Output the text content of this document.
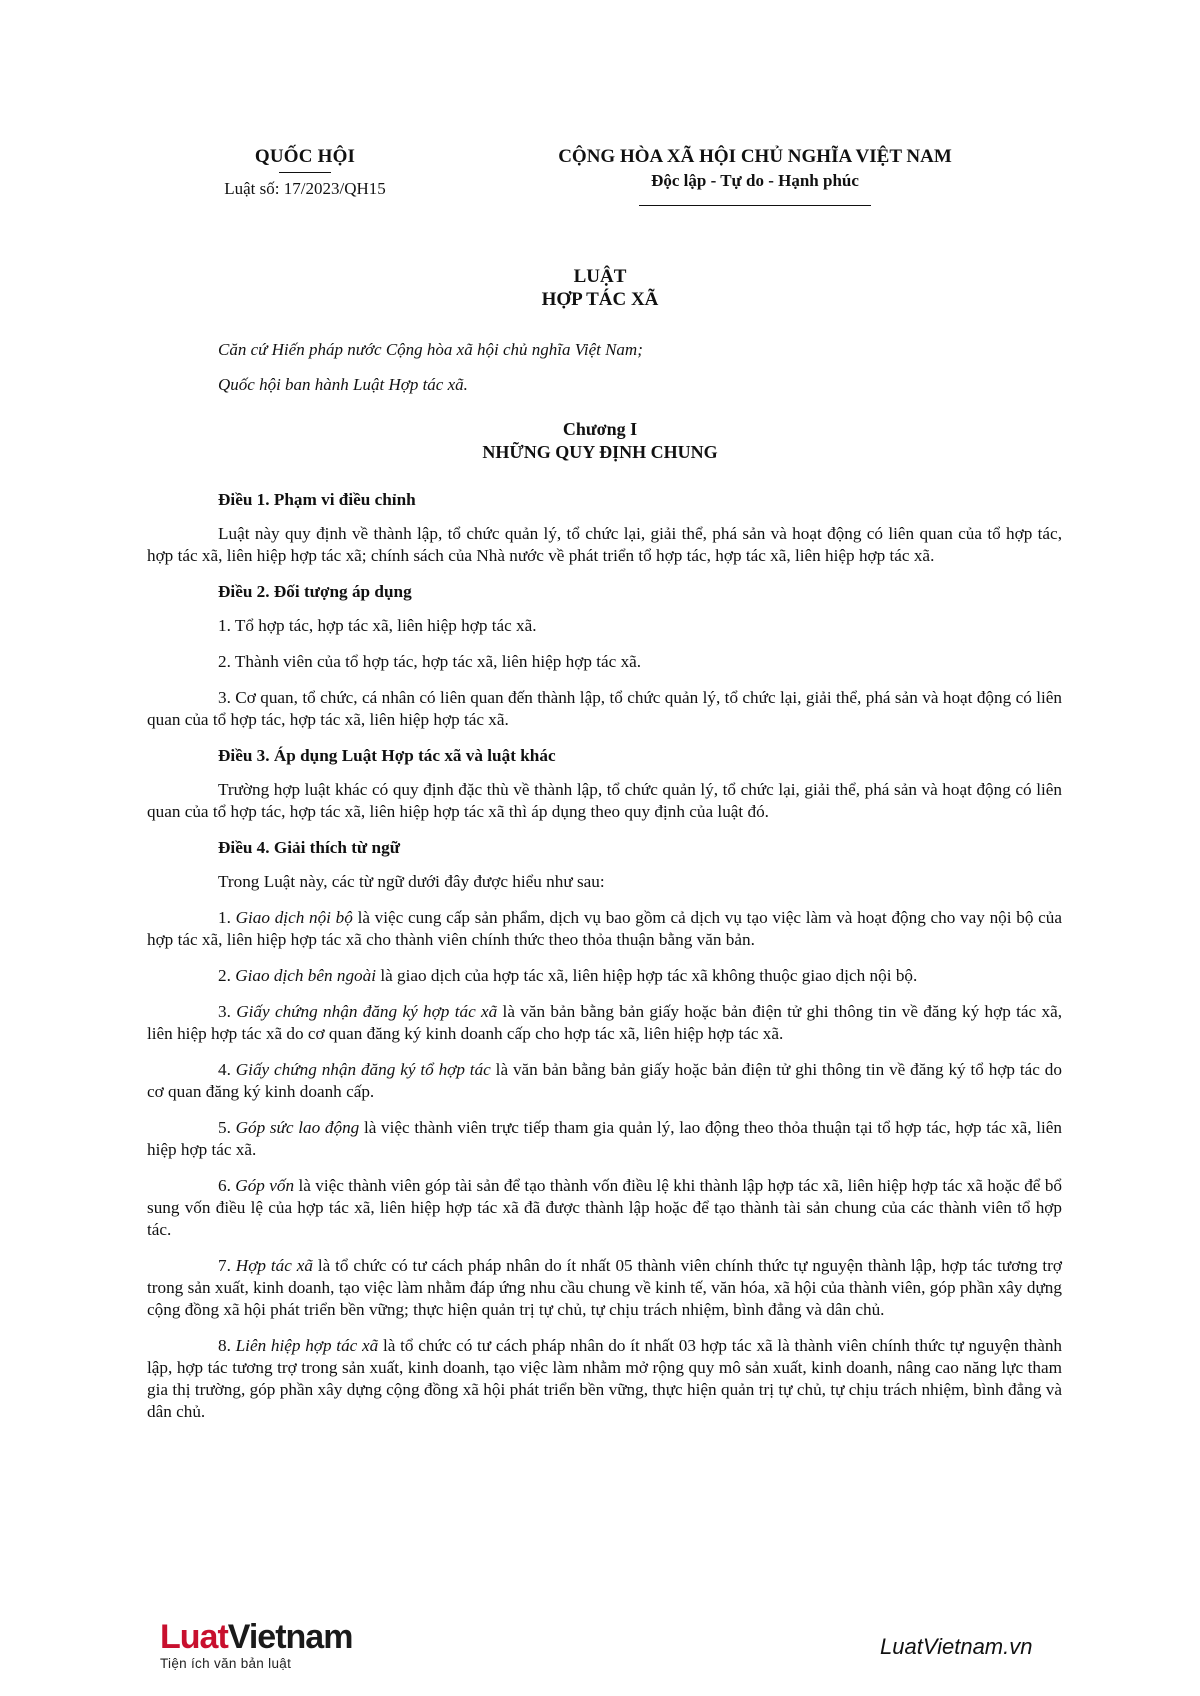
QUỐC HỘI
Luật số: 17/2023/QH15
CỘNG HÒA XÃ HỘI CHỦ NGHĨA VIỆT NAM
Độc lập - Tự do - Hạnh phúc
LUẬT
HỢP TÁC XÃ
Căn cứ Hiến pháp nước Cộng hòa xã hội chủ nghĩa Việt Nam;
Quốc hội ban hành Luật Hợp tác xã.
Chương I
NHỮNG QUY ĐỊNH CHUNG

Điều 1. Phạm vi điều chỉnh

Luật này quy định về thành lập, tổ chức quản lý, tổ chức lại, giải thể, phá sản và hoạt động có liên quan của tổ hợp tác, hợp tác xã, liên hiệp hợp tác xã; chính sách của Nhà nước về phát triển tổ hợp tác, hợp tác xã, liên hiệp hợp tác xã.

Điều 2. Đối tượng áp dụng

1. Tổ hợp tác, hợp tác xã, liên hiệp hợp tác xã.

2. Thành viên của tổ hợp tác, hợp tác xã, liên hiệp hợp tác xã.

3. Cơ quan, tổ chức, cá nhân có liên quan đến thành lập, tổ chức quản lý, tổ chức lại, giải thể, phá sản và hoạt động có liên quan của tổ hợp tác, hợp tác xã, liên hiệp hợp tác xã.

Điều 3. Áp dụng Luật Hợp tác xã và luật khác

Trường hợp luật khác có quy định đặc thù về thành lập, tổ chức quản lý, tổ chức lại, giải thể, phá sản và hoạt động có liên quan của tổ hợp tác, hợp tác xã, liên hiệp hợp tác xã thì áp dụng theo quy định của luật đó.

Điều 4. Giải thích từ ngữ

Trong Luật này, các từ ngữ dưới đây được hiểu như sau:

1. Giao dịch nội bộ là việc cung cấp sản phẩm, dịch vụ bao gồm cả dịch vụ tạo việc làm và hoạt động cho vay nội bộ của hợp tác xã, liên hiệp hợp tác xã cho thành viên chính thức theo thỏa thuận bằng văn bản.

2. Giao dịch bên ngoài là giao dịch của hợp tác xã, liên hiệp hợp tác xã không thuộc giao dịch nội bộ.

3. Giấy chứng nhận đăng ký hợp tác xã là văn bản bằng bản giấy hoặc bản điện tử ghi thông tin về đăng ký hợp tác xã, liên hiệp hợp tác xã do cơ quan đăng ký kinh doanh cấp cho hợp tác xã, liên hiệp hợp tác xã.

4. Giấy chứng nhận đăng ký tổ hợp tác là văn bản bằng bản giấy hoặc bản điện tử ghi thông tin về đăng ký tổ hợp tác do cơ quan đăng ký kinh doanh cấp.

5. Góp sức lao động là việc thành viên trực tiếp tham gia quản lý, lao động theo thỏa thuận tại tổ hợp tác, hợp tác xã, liên hiệp hợp tác xã.

6. Góp vốn là việc thành viên góp tài sản để tạo thành vốn điều lệ khi thành lập hợp tác xã, liên hiệp hợp tác xã hoặc để bổ sung vốn điều lệ của hợp tác xã, liên hiệp hợp tác xã đã được thành lập hoặc để tạo thành tài sản chung của các thành viên tổ hợp tác.

7. Hợp tác xã là tổ chức có tư cách pháp nhân do ít nhất 05 thành viên chính thức tự nguyện thành lập, hợp tác tương trợ trong sản xuất, kinh doanh, tạo việc làm nhằm đáp ứng nhu cầu chung về kinh tế, văn hóa, xã hội của thành viên, góp phần xây dựng cộng đồng xã hội phát triển bền vững; thực hiện quản trị tự chủ, tự chịu trách nhiệm, bình đẳng và dân chủ.

8. Liên hiệp hợp tác xã là tổ chức có tư cách pháp nhân do ít nhất 03 hợp tác xã là thành viên chính thức tự nguyện thành lập, hợp tác tương trợ trong sản xuất, kinh doanh, tạo việc làm nhằm mở rộng quy mô sản xuất, kinh doanh, nâng cao năng lực tham gia thị trường, góp phần xây dựng cộng đồng xã hội phát triển bền vững, thực hiện quản trị tự chủ, tự chịu trách nhiệm, bình đẳng và dân chủ.

LuatVietnam
Tiện ích văn bản luật
LuatVietnam.vn
